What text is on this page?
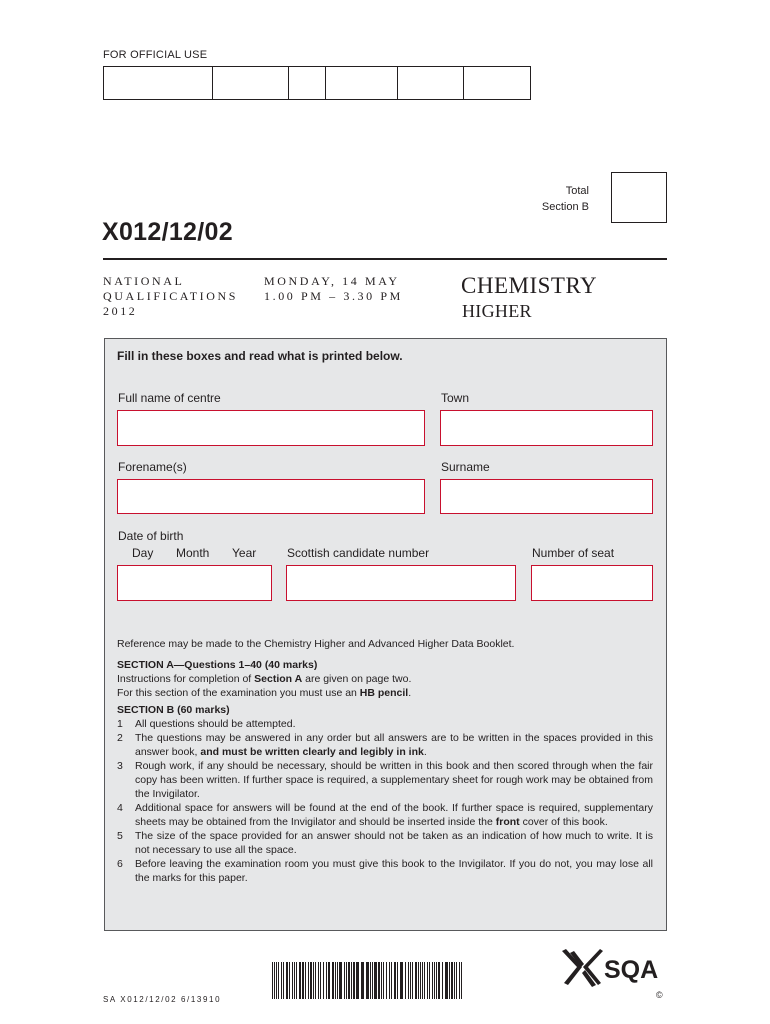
FOR OFFICIAL USE
Total
Section B
X012/12/02
NATIONAL
QUALIFICATIONS
2012
MONDAY, 14 MAY
1.00 PM – 3.30 PM	CHEMISTRY
HIGHER
Fill in these boxes and read what is printed below.
Full name of centre	Town
Forename(s)	Surname
Date of birth
Day Month Year	Scottish candidate number	Number of seat

Reference may be made to the Chemistry Higher and Advanced Higher Data Booklet.

SECTION A—Questions 1–40 (40 marks)

Instructions for completion of Section A are given on page two.

For this section of the examination you must use an HB pencil.

SECTION B (60 marks)

1	All questions should be attempted.
2	The questions may be answered in any order but all answers are to be written in the spaces provided in this answer book, and must be written clearly and legibly in ink.
3	Rough work, if any should be necessary, should be written in this book and then scored through when the fair copy has been written. If further space is required, a supplementary sheet for rough work may be obtained from the Invigilator.
4	Additional space for answers will be found at the end of the book. If further space is required, supplementary sheets may be obtained from the Invigilator and should be inserted inside the front cover of this book.
5	The size of the space provided for an answer should not be taken as an indication of how much to write. It is not necessary to use all the space.
6	Before leaving the examination room you must give this book to the Invigilator. If you do not, you may lose all the marks for this paper.
SA X012/12/02 6/13910
SQA
©
